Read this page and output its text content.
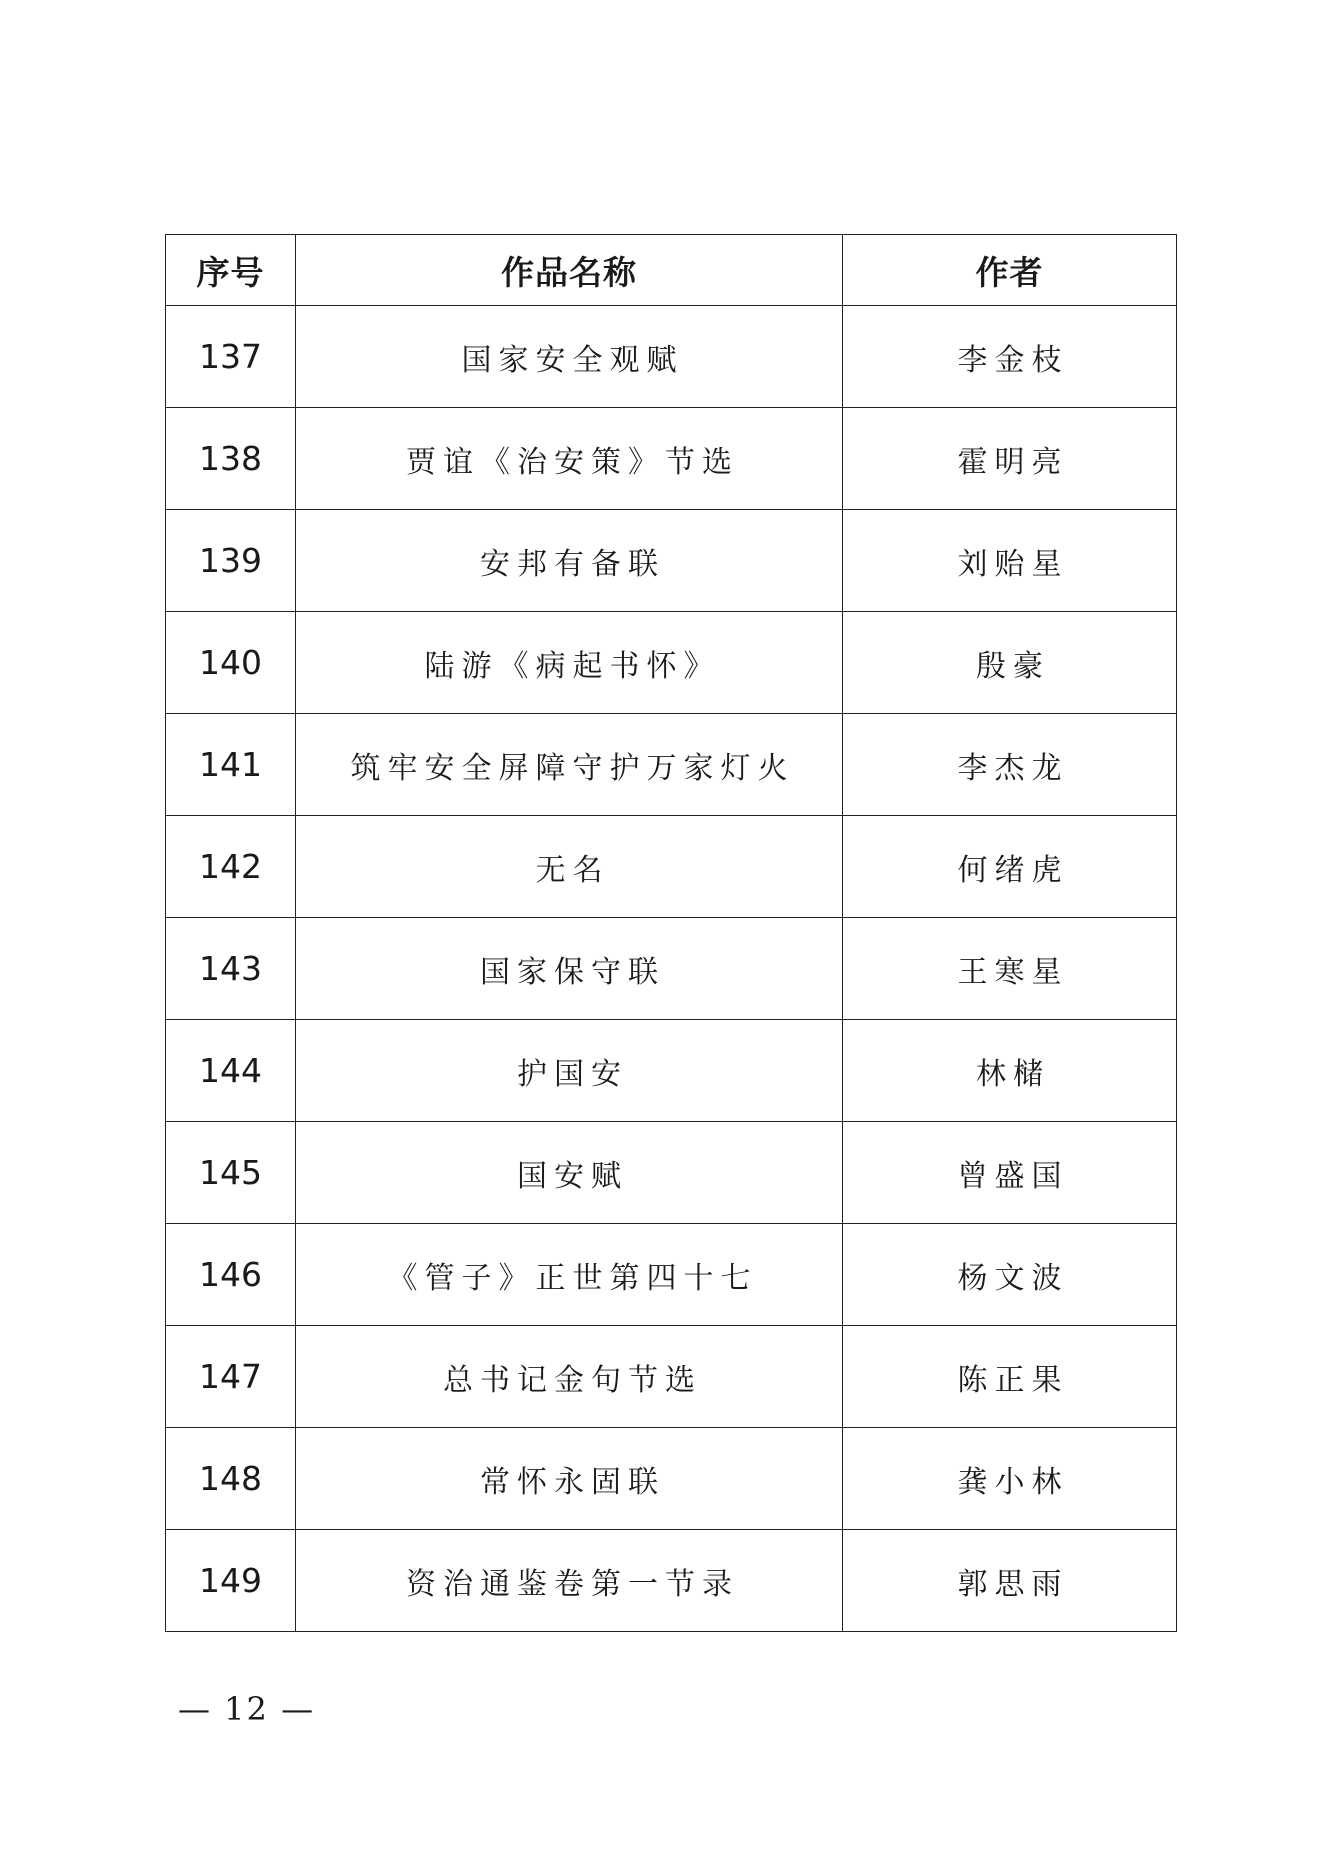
序号	作品名称	作者
137	国家安全观赋	李金枝
138	贾谊《治安策》节选	霍明亮
139	安邦有备联	刘贻星
140	陆游《病起书怀》	殷豪
141	筑牢安全屏障守护万家灯火	李杰龙
142	无名	何绪虎
143	国家保守联	王寒星
144	护国安	林槠
145	国安赋	曾盛国
146	《管子》正世第四十七	杨文波
147	总书记金句节选	陈正果
148	常怀永固联	龚小林
149	资治通鉴卷第一节录	郭思雨
— 12 —
